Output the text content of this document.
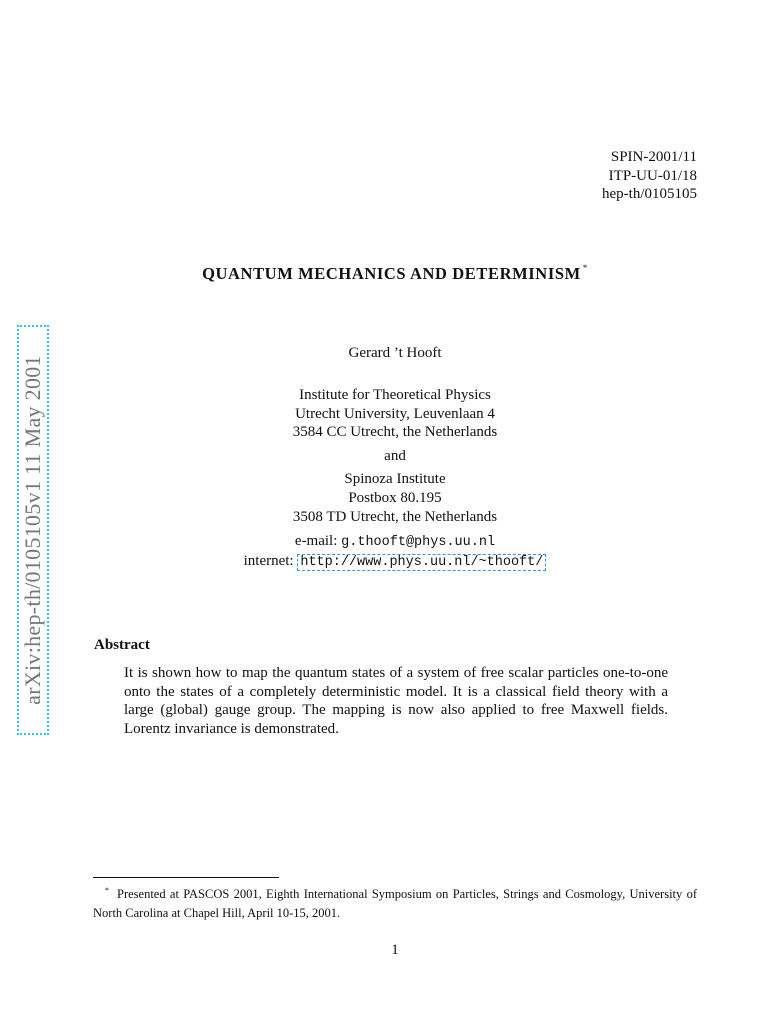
SPIN-2001/11
ITP-UU-01/18
hep-th/0105105
QUANTUM MECHANICS AND DETERMINISM *
arXiv:hep-th/0105105v1 11 May 2001
Gerard ’t Hooft
Institute for Theoretical Physics
Utrecht University, Leuvenlaan 4
3584 CC Utrecht, the Netherlands
and
Spinoza Institute
Postbox 80.195
3508 TD Utrecht, the Netherlands
e-mail: g.thooft@phys.uu.nl
internet: http://www.phys.uu.nl/~thooft/
Abstract
It is shown how to map the quantum states of a system of free scalar particles one-to-one onto the states of a completely deterministic model. It is a classical field theory with a large (global) gauge group. The mapping is now also applied to free Maxwell fields. Lorentz invariance is demonstrated.
* Presented at PASCOS 2001, Eighth International Symposium on Particles, Strings and Cosmology, University of North Carolina at Chapel Hill, April 10-15, 2001.
1
